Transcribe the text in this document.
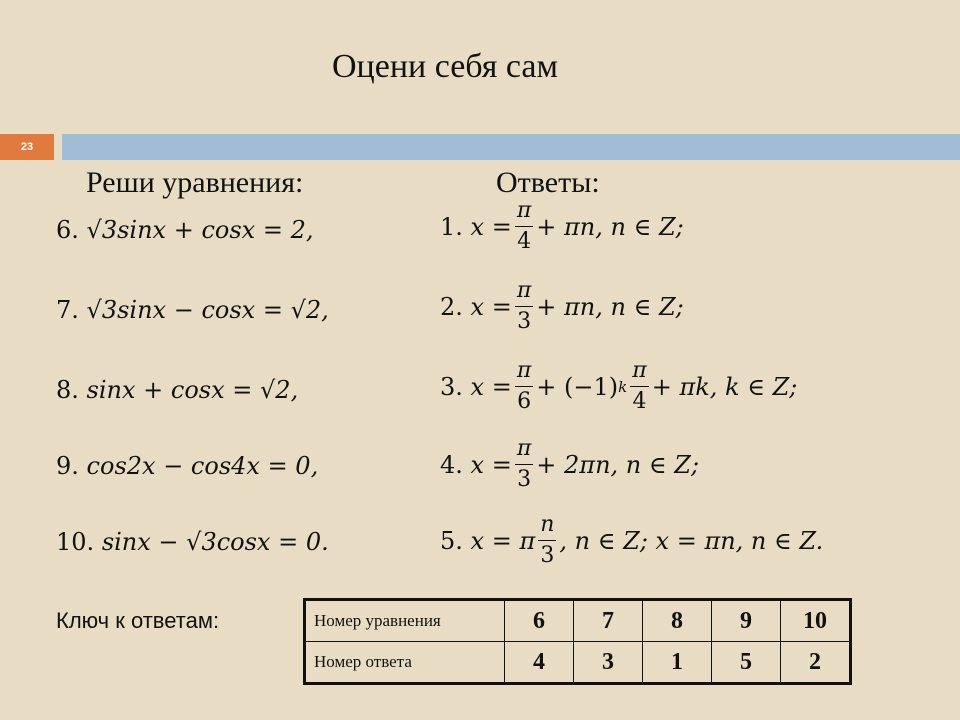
Оцени себя сам
23
Реши уравнения:	Ответы:
6. √3sinx + cosx = 2,
7. √3sinx − cosx = √2,
8. sinx + cosx = √2,
9. cos2x − cos4x = 0,
10. sinx − √3cosx = 0.
1.
$x = \frac{\pi}{4} + \pi n$, n ∈ Z;
2.
$x = \frac{\pi}{3} + \pi n$, n ∈ Z;
3.
$x = \frac{\pi}{6} + (-1)$ k $\frac{\pi}{4} + \pi k$, k ∈ Z;
4.
$x = \frac{\pi}{3} + 2\pi n$, n ∈ Z;
5.
x = π $\frac{n}{3}$ , n ∈ Z; x = πn, n ∈ Z.
Ключ к ответам:	Номер уравнения	6	7	8	9	10
Номер ответа	4	3	1	5	2
